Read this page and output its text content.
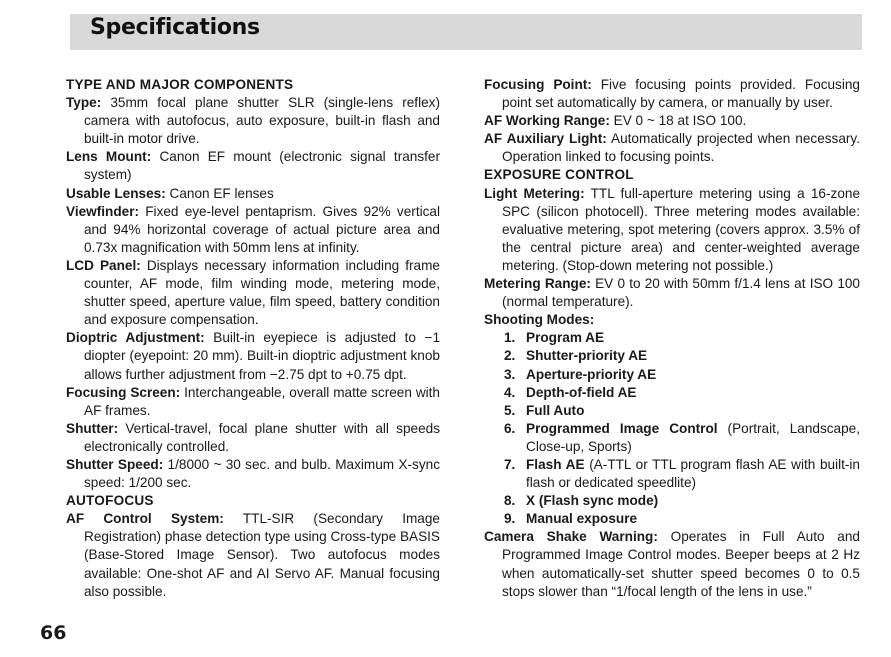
Specifications
TYPE AND MAJOR COMPONENTS
Type: 35mm focal plane shutter SLR (single-lens reflex) camera with autofocus, auto exposure, built-in flash and built-in motor drive.
Lens Mount: Canon EF mount (electronic signal transfer system)
Usable Lenses: Canon EF lenses
Viewfinder: Fixed eye-level pentaprism. Gives 92% vertical and 94% horizontal coverage of actual picture area and 0.73x magnification with 50mm lens at infinity.
LCD Panel: Displays necessary information including frame counter, AF mode, film winding mode, metering mode, shutter speed, aperture value, film speed, battery condition and exposure compensation.
Dioptric Adjustment: Built-in eyepiece is adjusted to −1 diopter (eyepoint: 20 mm). Built-in dioptric adjustment knob allows further adjustment from −2.75 dpt to +0.75 dpt.
Focusing Screen: Interchangeable, overall matte screen with AF frames.
Shutter: Vertical-travel, focal plane shutter with all speeds electronically controlled.
Shutter Speed: 1/8000 ~ 30 sec. and bulb. Maximum X-sync speed: 1/200 sec.
AUTOFOCUS
AF Control System: TTL-SIR (Secondary Image Registration) phase detection type using Cross-type BASIS (Base-Stored Image Sensor). Two autofocus modes available: One-shot AF and AI Servo AF. Manual focusing also possible.
Focusing Point: Five focusing points provided. Focusing point set automatically by camera, or manually by user.
AF Working Range: EV 0 ~ 18 at ISO 100.
AF Auxiliary Light: Automatically projected when necessary. Operation linked to focusing points.
EXPOSURE CONTROL
Light Metering: TTL full-aperture metering using a 16-zone SPC (silicon photocell). Three metering modes available: evaluative metering, spot metering (covers approx. 3.5% of the central picture area) and center-weighted average metering. (Stop-down metering not possible.)
Metering Range: EV 0 to 20 with 50mm f/1.4 lens at ISO 100 (normal temperature).
Shooting Modes:
1. Program AE
2. Shutter-priority AE
3. Aperture-priority AE
4. Depth-of-field AE
5. Full Auto
6. Programmed Image Control (Portrait, Landscape, Close-up, Sports)
7. Flash AE (A-TTL or TTL program flash AE with built-in flash or dedicated speedlite)
8. X (Flash sync mode)
9. Manual exposure
Camera Shake Warning: Operates in Full Auto and Programmed Image Control modes. Beeper beeps at 2 Hz when automatically-set shutter speed becomes 0 to 0.5 stops slower than “1/focal length of the lens in use.”
66
